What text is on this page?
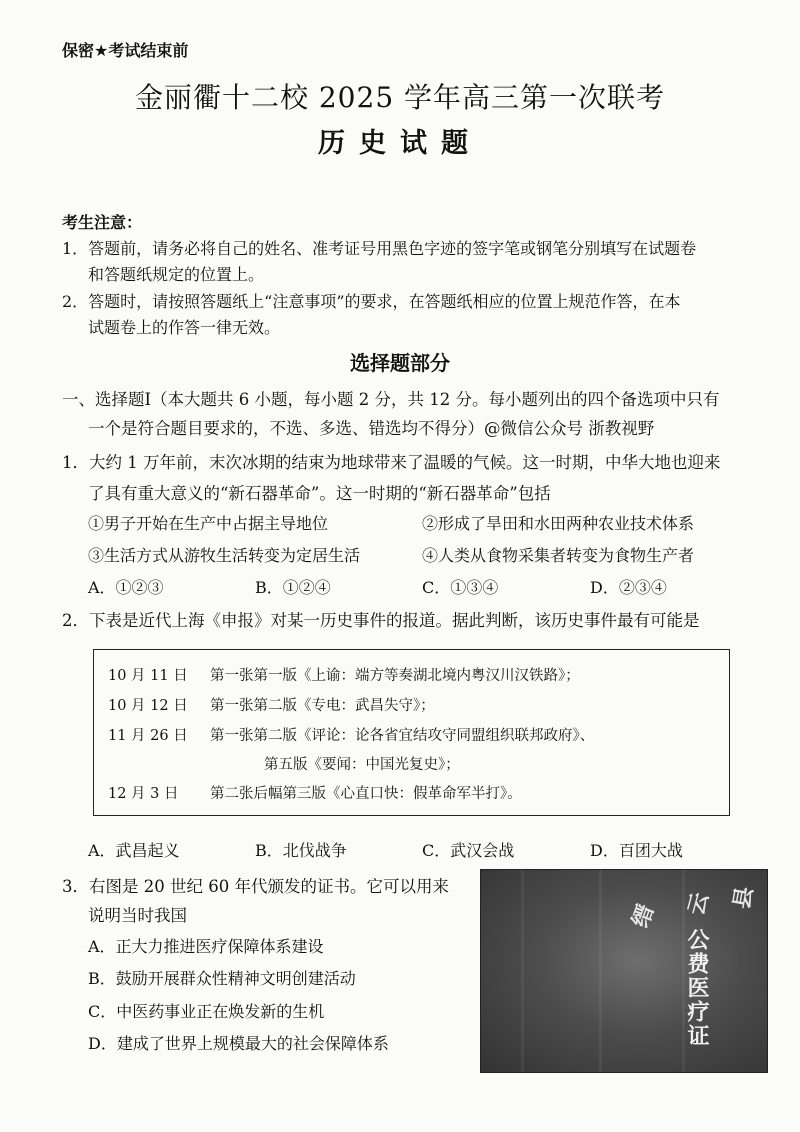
保密★考试结束前
金丽衢十二校 2025 学年高三第一次联考
历史试题
考生注意：
1．答题前，请务必将自己的姓名、准考证号用黑色字迹的签字笔或钢笔分别填写在试题卷
和答题纸规定的位置上。
2．答题时，请按照答题纸上“注意事项”的要求，在答题纸相应的位置上规范作答，在本
试题卷上的作答一律无效。
选择题部分
一、选择题Ⅰ（本大题共 6 小题，每小题 2 分，共 12 分。每小题列出的四个备选项中只有
一个是符合题目要求的，不选、多选、错选均不得分）@微信公众号 浙教视野
1．大约 1 万年前，末次冰期的结束为地球带来了温暖的气候。这一时期，中华大地也迎来
了具有重大意义的“新石器革命”。这一时期的“新石器革命”包括
①男子开始在生产中占据主导地位	②形成了旱田和水田两种农业技术体系
③生活方式从游牧生活转变为定居生活	④人类从食物采集者转变为食物生产者
A．①②③	B．①②④	C．①③④	D．②③④
2．下表是近代上海《申报》对某一历史事件的报道。据此判断，该历史事件最有可能是
10 月 11 日 第一张第一版《上谕：端方等奏湖北境内粤汉川汉铁路》；
10 月 12 日 第一张第二版《专电：武昌失守》；
11 月 26 日 第一张第二版《评论：论各省宜结攻守同盟组织联邦政府》、
第五版《要闻：中国光复史》；
12 月 3 日 第二张后幅第三版《心直口快：假革命军半打》。
A．武昌起义	B．北伐战争	C．武汉会战	D．百团大战
3．右图是 20 世纪 60 年代颁发的证书。它可以用来
说明当时我国
A．正大力推进医疗保障体系建设
B．鼓励开展群众性精神文明创建活动
C．中医药事业正在焕发新的生机
D．建成了世界上规模最大的社会保障体系
缙 云 县
公费医疗证
